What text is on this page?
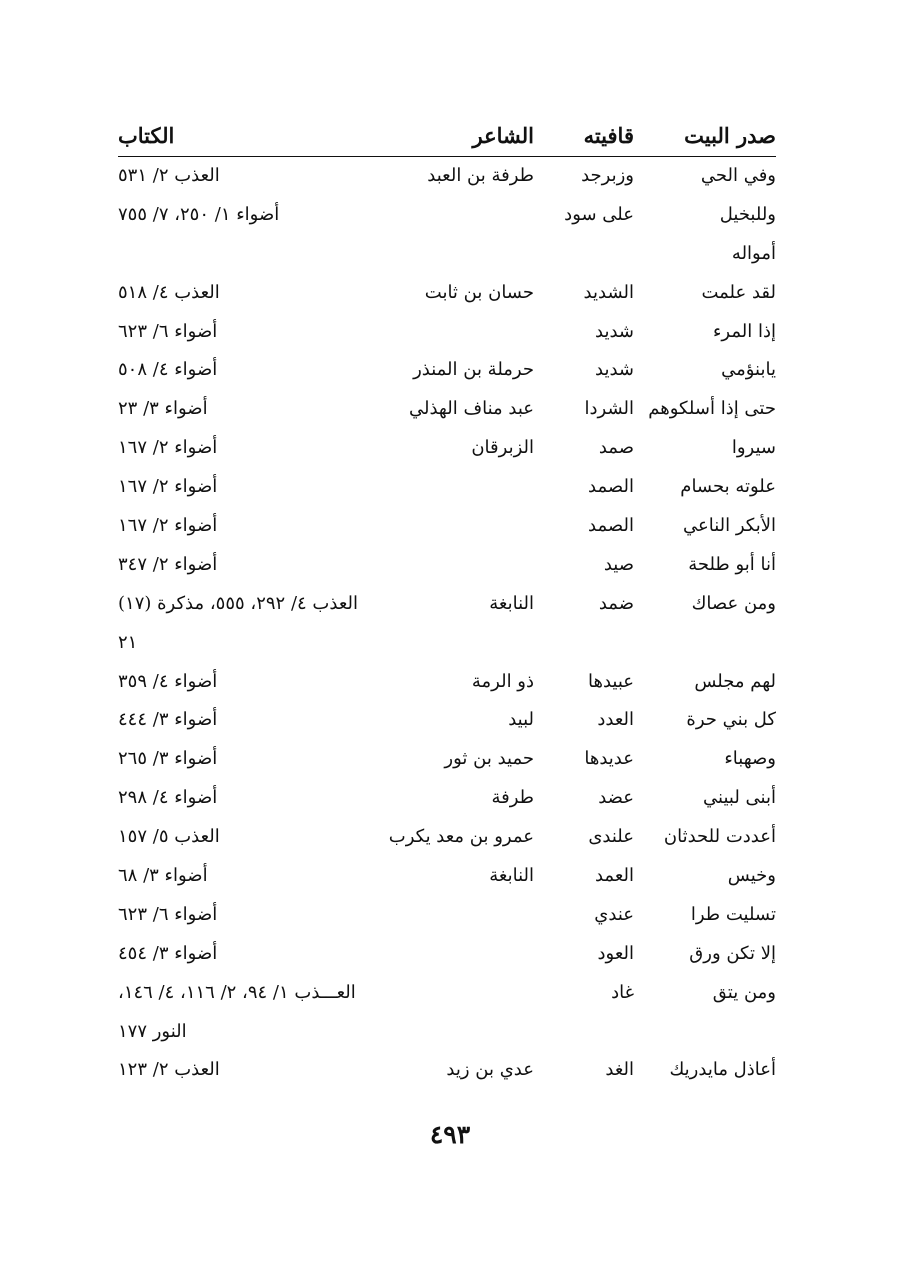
صدر البيت
قافيته
الشاعر
الكتاب
وفي الحي
وزبرجد
طرفة بن العبد
العذب ٢/ ٥٣١
وللبخيل
على سود
أضواء ١/ ٢٥٠، ٧/ ٧٥٥
أمواله
لقد علمت
الشديد
حسان بن ثابت
العذب ٤/ ٥١٨
إذا المرء
شديد
أضواء ٦/ ٦٢٣
يابنؤمي
شديد
حرملة بن المنذر
أضواء ٤/ ٥٠٨
حتى إذا أسلكوهم
الشردا
عبد مناف الهذلي
أضواء ٣/ ٢٣
سيروا
صمد
الزبرقان
أضواء ٢/ ١٦٧
علوته بحسام
الصمد
أضواء ٢/ ١٦٧
الأبكر الناعي
الصمد
أضواء ٢/ ١٦٧
أنا أبو طلحة
صيد
أضواء ٢/ ٣٤٧
ومن عصاك
ضمد
النابغة
العذب ٤/ ٢٩٢، ٥٥٥، مذكرة (١٧)
٢١
لهم مجلس
عبيدها
ذو الرمة
أضواء ٤/ ٣٥٩
كل بني حرة
العدد
لبيد
أضواء ٣/ ٤٤٤
وصهباء
عديدها
حميد بن ثور
أضواء ٣/ ٢٦٥
أبنى لبيني
عضد
طرفة
أضواء ٤/ ٢٩٨
أعددت للحدثان
علندى
عمرو بن معد يكرب
العذب ٥/ ١٥٧
وخيس
العمد
النابغة
أضواء ٣/ ٦٨
تسليت طرا
عندي
أضواء ٦/ ٦٢٣
إلا تكن ورق
العود
أضواء ٣/ ٤٥٤
ومن يتق
غاد
العـــذب ١/ ٩٤، ٢/ ١١٦، ٤/ ١٤٦،
النور ١٧٧
أعاذل مايدريك
الغد
عدي بن زيد
العذب ٢/ ١٢٣
٤٩٣
